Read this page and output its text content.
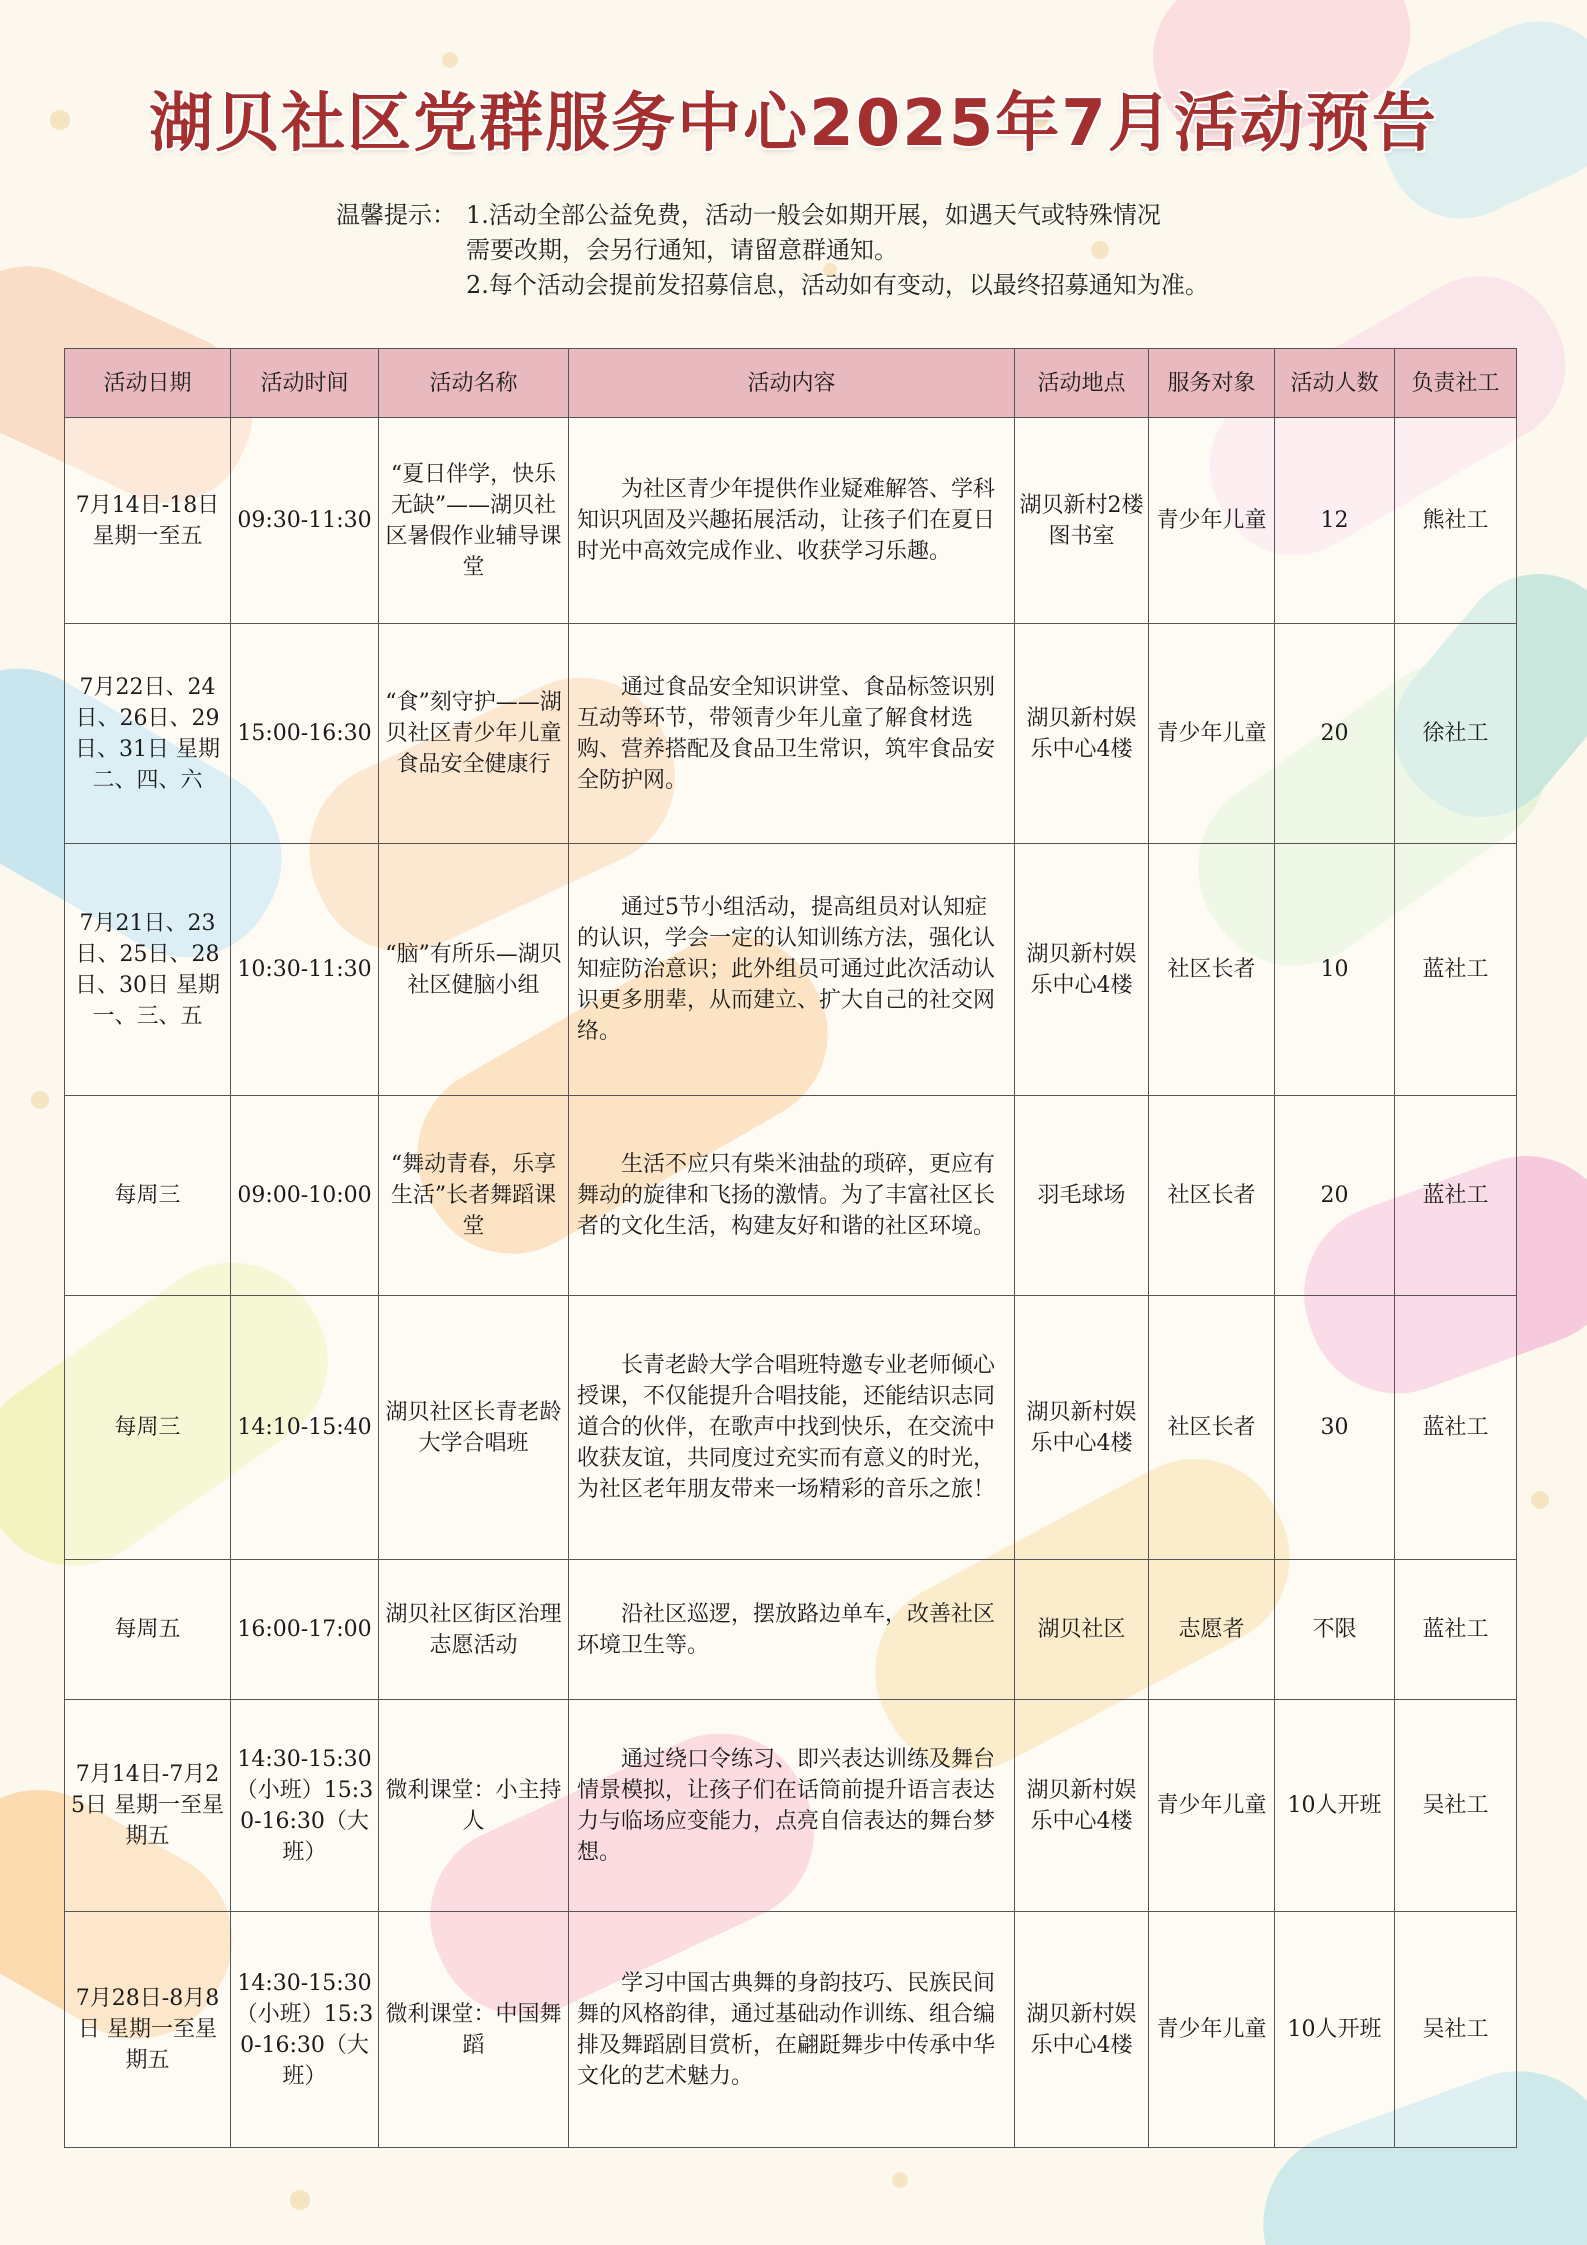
湖贝社区党群服务中心2025年7月活动预告
温馨提示： 1.活动全部公益免费，活动一般会如期开展，如遇天气或特殊情况
需要改期，会另行通知，请留意群通知。
2.每个活动会提前发招募信息，活动如有变动，以最终招募通知为准。
活动日期	活动时间	活动名称	活动内容	活动地点	服务对象	活动人数	负责社工
7月14日-18日 星期一至五	09:30-11:30	“夏日伴学，快乐无缺”——湖贝社区暑假作业辅导课堂	为社区青少年提供作业疑难解答、学科知识巩固及兴趣拓展活动，让孩子们在夏日时光中高效完成作业、收获学习乐趣。	湖贝新村2楼图书室	青少年儿童	12	熊社工
7月22日、24日、26日、29日、31日 星期二、四、六	15:00-16:30	“食”刻守护——湖贝社区青少年儿童食品安全健康行	通过食品安全知识讲堂、食品标签识别互动等环节，带领青少年儿童了解食材选购、营养搭配及食品卫生常识，筑牢食品安全防护网。	湖贝新村娱乐中心4楼	青少年儿童	20	徐社工
7月21日、23日、25日、28日、30日 星期一、三、五	10:30-11:30	“脑”有所乐—湖贝社区健脑小组	通过5节小组活动，提高组员对认知症的认识，学会一定的认知训练方法，强化认知症防治意识；此外组员可通过此次活动认识更多朋辈，从而建立、扩大自己的社交网络。	湖贝新村娱乐中心4楼	社区长者	10	蓝社工
每周三	09:00-10:00	“舞动青春，乐享生活”长者舞蹈课堂	生活不应只有柴米油盐的琐碎，更应有舞动的旋律和飞扬的激情。为了丰富社区长者的文化生活，构建友好和谐的社区环境。	羽毛球场	社区长者	20	蓝社工
每周三	14:10-15:40	湖贝社区长青老龄大学合唱班	长青老龄大学合唱班特邀专业老师倾心授课，不仅能提升合唱技能，还能结识志同道合的伙伴，在歌声中找到快乐，在交流中收获友谊，共同度过充实而有意义的时光，为社区老年朋友带来一场精彩的音乐之旅！	湖贝新村娱乐中心4楼	社区长者	30	蓝社工
每周五	16:00-17:00	湖贝社区街区治理志愿活动	沿社区巡逻，摆放路边单车，改善社区环境卫生等。	湖贝社区	志愿者	不限	蓝社工
7月14日-7月25日 星期一至星期五	14:30-15:30（小班）15:30-16:30（大班）	微利课堂：小主持人	通过绕口令练习、即兴表达训练及舞台情景模拟，让孩子们在话筒前提升语言表达力与临场应变能力，点亮自信表达的舞台梦想。	湖贝新村娱乐中心4楼	青少年儿童	10人开班	吴社工
7月28日-8月8日 星期一至星期五	14:30-15:30（小班）15:30-16:30（大班）	微利课堂：中国舞蹈	学习中国古典舞的身韵技巧、民族民间舞的风格韵律，通过基础动作训练、组合编排及舞蹈剧目赏析，在翩跹舞步中传承中华文化的艺术魅力。	湖贝新村娱乐中心4楼	青少年儿童	10人开班	吴社工
